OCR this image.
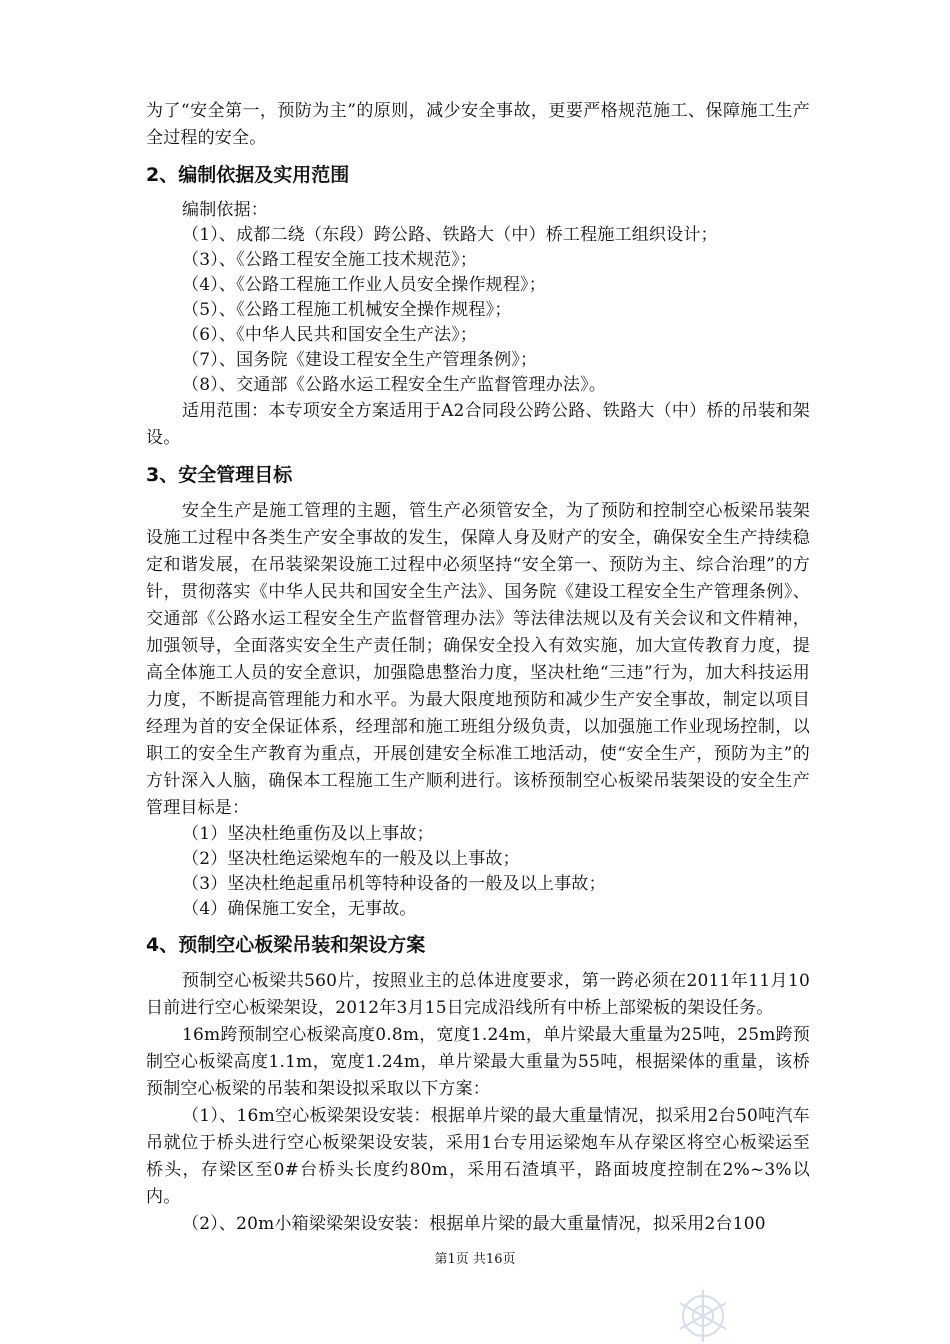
为了“安全第一，预防为主”的原则，减少安全事故，更要严格规范施工、保障施工生产全过程的安全。

2、编制依据及实用范围

编制依据：

（1）、成都二绕（东段）跨公路、铁路大（中）桥工程施工组织设计；

（3）、《公路工程安全施工技术规范》；

（4）、《公路工程施工作业人员安全操作规程》；

（5）、《公路工程施工机械安全操作规程》；

（6）、《中华人民共和国安全生产法》；

（7）、国务院《建设工程安全生产管理条例》；

（8）、交通部《公路水运工程安全生产监督管理办法》。

适用范围：本专项安全方案适用于A2合同段公跨公路、铁路大（中）桥的吊装和架设。

3、安全管理目标

安全生产是施工管理的主题，管生产必须管安全，为了预防和控制空心板梁吊装架设施工过程中各类生产安全事故的发生，保障人身及财产的安全，确保安全生产持续稳定和谐发展，在吊装梁架设施工过程中必须坚持“安全第一、预防为主、综合治理”的方针，贯彻落实《中华人民共和国安全生产法》、国务院《建设工程安全生产管理条例》、交通部《公路水运工程安全生产监督管理办法》等法律法规以及有关会议和文件精神，加强领导，全面落实安全生产责任制；确保安全投入有效实施，加大宣传教育力度，提高全体施工人员的安全意识，加强隐患整治力度，坚决杜绝“三违”行为，加大科技运用力度，不断提高管理能力和水平。为最大限度地预防和减少生产安全事故，制定以项目经理为首的安全保证体系，经理部和施工班组分级负责，以加强施工作业现场控制，以职工的安全生产教育为重点，开展创建安全标准工地活动，使“安全生产，预防为主”的方针深入人脑，确保本工程施工生产顺利进行。该桥预制空心板梁吊装架设的安全生产管理目标是：

（1）坚决杜绝重伤及以上事故；

（2）坚决杜绝运梁炮车的一般及以上事故；

（3）坚决杜绝起重吊机等特种设备的一般及以上事故；

（4）确保施工安全，无事故。

4、预制空心板梁吊装和架设方案

预制空心板梁共560片，按照业主的总体进度要求，第一跨必须在2011年11月10日前进行空心板梁架设，2012年3月15日完成沿线所有中桥上部梁板的架设任务。

16m跨预制空心板梁高度0.8m，宽度1.24m，单片梁最大重量为25吨，25m跨预制空心板梁高度1.1m，宽度1.24m，单片梁最大重量为55吨，根据梁体的重量，该桥预制空心板梁的吊装和架设拟采取以下方案：

（1）、16m空心板梁架设安装：根据单片梁的最大重量情况，拟采用2台50吨汽车吊就位于桥头进行空心板梁架设安装，采用1台专用运梁炮车从存梁区将空心板梁运至桥头，存梁区至0#台桥头长度约80m，采用石渣填平，路面坡度控制在2%~3%以内。

（2）、20m小箱梁梁架设安装：根据单片梁的最大重量情况，拟采用2台100

第1页 共16页
